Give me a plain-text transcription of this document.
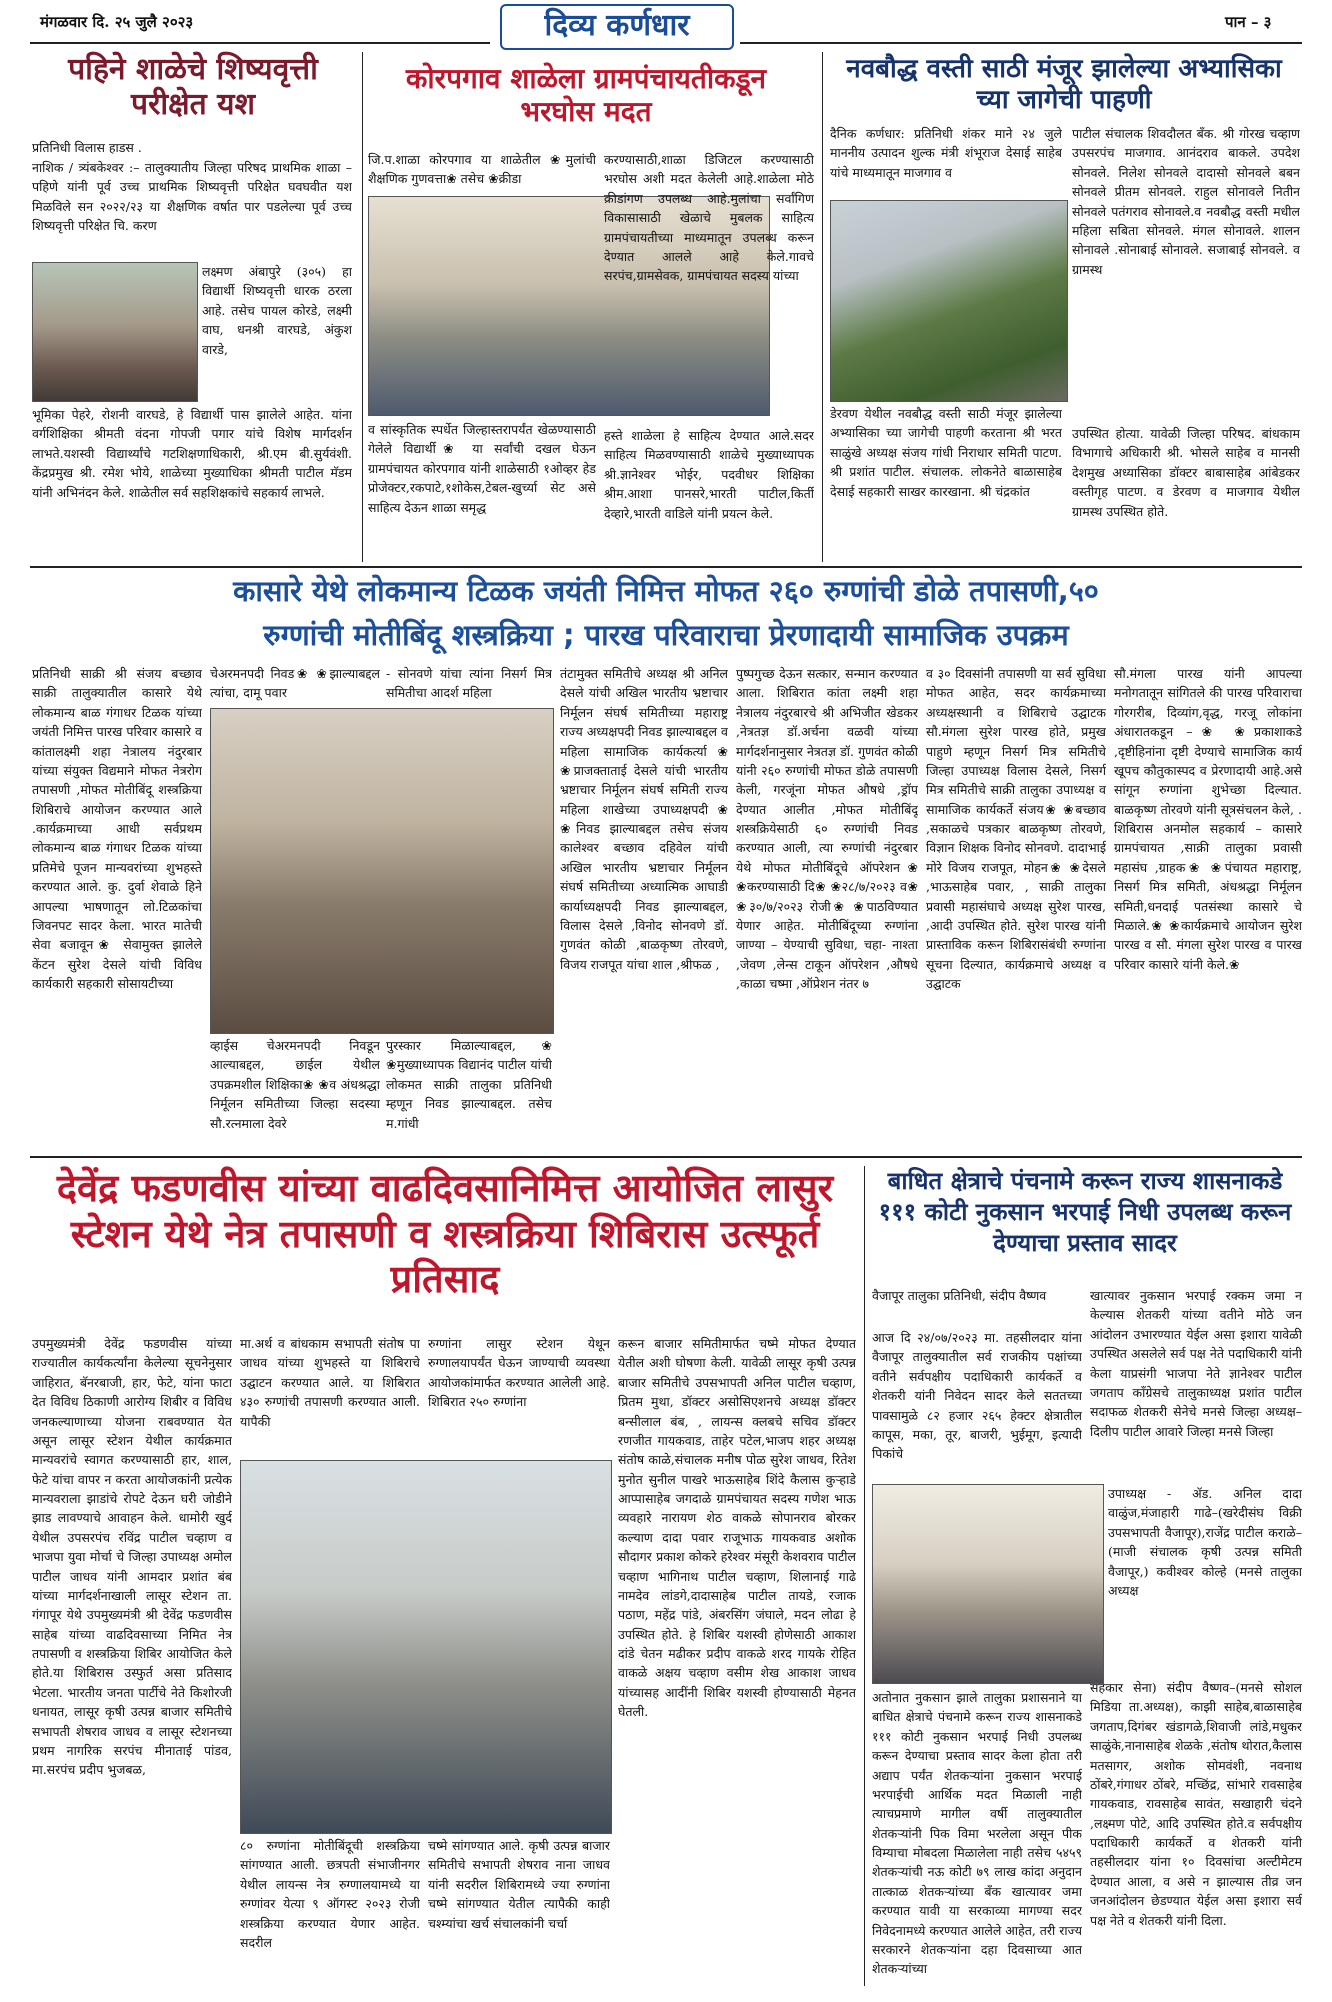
मंगळवार दि. २५ जुलै २०२३	दिव्य कर्णधार	पान – ३
पहिने शाळेचे शिष्यवृत्ती परीक्षेत यश
प्रतिनिधी विलास हाडस .
नाशिक / त्र्यंबकेश्वर :– तालुक्यातीय जिल्हा परिषद प्राथमिक शाळा – पहिणे यांनी पूर्व उच्च प्राथमिक शिष्यवृत्ती परिक्षेत घवघवीत यश मिळविले सन २०२२/२३ या शैक्षणिक वर्षात पार पडलेल्या पूर्व उच्च शिष्यवृत्ती परिक्षेत चि. करण
लक्ष्मण अंबापुरे (३०५) हा विद्यार्थी शिष्यवृत्ती धारक ठरला आहे. तसेच पायल कोरडे, लक्ष्मी वाघ, धनश्री वारघडे, अंकुश वारडे,
भूमिका पेहरे, रोशनी वारघडे, हे विद्यार्थी पास झालेले आहेत. यांना वर्गशिक्षिका श्रीमती वंदना गोपजी पगार यांचे विशेष मार्गदर्शन लाभते.यशस्वी विद्यार्थ्यांचे गटशिक्षणाधिकारी, श्री.एम बी.सुर्यवंशी. केंद्रप्रमुख श्री. रमेश भोये, शाळेच्या मुख्याधिका श्रीमती पाटील मॅडम यांनी अभिनंदन केले. शाळेतील सर्व सहशिक्षकांचे सहकार्य लाभले.
कोरपगाव शाळेला ग्रामपंचायतीकडून भरघोस मदत
जि.प.शाळा कोरपगाव या शाळेतील ❀मुलांची शैक्षणिक गुणवत्ता❀ तसेच ❀क्रीडा
करण्यासाठी,शाळा डिजिटल करण्यासाठी भरघोस अशी मदत केलेली आहे.शाळेला मोठे क्रीडांगण उपलब्ध आहे.मुलांचा सर्वांगिण विकासासाठी खेळाचे मुबलक साहित्य ग्रामपंचायतीच्या माध्यमातून उपलब्ध करून देण्यात आलले आहे केले.गावचे सरपंच,ग्रामसेवक, ग्रामपंचायत सदस्य यांच्या
व सांस्कृतिक स्पर्धेत जिल्हास्तरापर्यंत खेळण्यासाठी गेलेले विद्यार्थी❀ या सर्वांची दखल घेऊन ग्रामपंचायत कोरपगाव यांनी शाळेसाठी १ओव्हर हेड प्रोजेक्टर,रकपाटे,१शोकेस,टेबल-खुर्च्या सेट असे साहित्य देऊन शाळा समृद्ध
हस्ते शाळेला हे साहित्य देण्यात आले.सदर साहित्य मिळवण्यासाठी शाळेचे मुख्याध्यापक श्री.ज्ञानेश्वर भोईर, पदवीधर शिक्षिका श्रीम.आशा पानसरे,भारती पाटील,किर्ती देव्हारे,भारती वाडिले यांनी प्रयत्न केले.
नवबौद्ध वस्ती साठी मंजूर झालेल्या अभ्यासिका च्या जागेची पाहणी
दैनिक कर्णधार: प्रतिनिधी शंकर माने २४ जुले माननीय उत्पादन शुल्क मंत्री शंभूराज देसाई साहेब यांचे माध्यमातून माजगाव व
डेरवण येथील नवबौद्ध वस्ती साठी मंजूर झालेल्या अभ्यासिका च्या जागेची पाहणी करताना श्री भरत साळुंखे अध्यक्ष संजय गांधी निराधार समिती पाटण. श्री प्रशांत पाटील. संचालक. लोकनेते बाळासाहेब देसाई सहकारी साखर कारखाना. श्री चंद्रकांत
पाटील संचालक शिवदौलत बँक. श्री गोरख चव्हाण उपसरपंच माजगाव. आनंदराव बाकले. उपदेश सोनवले. निलेश सोनवले दादासो सोनवले बबन सोनवले प्रीतम सोनवले. राहुल सोनावले नितीन सोनवले पतंगराव सोनावले.व नवबौद्ध वस्ती मधील महिला सबिता सोनवले. मंगल सोनावले. शालन सोनावले .सोनाबाई सोनावले. सजाबाई सोनवले. व ग्रामस्थ
उपस्थित होत्या. यावेळी जिल्हा परिषद. बांधकाम विभागाचे अधिकारी श्री. भोसले साहेब व मानसी देशमुख अध्यासिका डॉक्टर बाबासाहेब आंबेडकर वस्तीगृह पाटण. व डेरवण व माजगाव येथील ग्रामस्थ उपस्थित होते.
कासारे येथे लोकमान्य टिळक जयंती निमित्त मोफत २६० रुग्णांची डोळे तपासणी,५०
रुग्णांची मोतीबिंदू शस्त्रक्रिया ; पारख परिवाराचा प्रेरणादायी सामाजिक उपक्रम
प्रतिनिधी साक्री श्री संजय बच्छाव साक्री तालुक्यातील कासारे येथे लोकमान्य बाळ गंगाधर टिळक यांच्या जयंती निमित्त पारख परिवार कासारे व कांतालक्ष्मी शहा नेत्रालय नंदुरबार यांच्या संयुक्त विद्यमाने मोफत नेत्ररोग तपासणी ,मोफत मोतीबिंदू शस्त्रक्रिया शिबिराचे आयोजन करण्यात आले .कार्यक्रमाच्या आधी सर्वप्रथम लोकमान्य बाळ गंगाधर टिळक यांच्या प्रतिमेचे पूजन मान्यवरांच्या शुभहस्ते करण्यात आले. कु. दुर्वा शेवाळे हिने आपल्या भाषणातून लो.टिळकांचा जिवनपट सादर केला. भारत मातेची सेवा बजावून❀ सेवामुक्त झालेले केंटन सुरेश देसले यांची विविध कार्यकारी सहकारी सोसायटीच्या
चेअरमनपदी निवड❀ ❀झाल्याबद्दल त्यांचा, दामू पवार
- सोनवणे यांचा त्यांना निसर्ग मित्र समितीचा आदर्श महिला
व्हाईस चेअरमनपदी निवडून आल्याबद्दल, छाईल येथील उपक्रमशील शिक्षिका❀ ❀व अंधश्रद्धा निर्मूलन समितीच्या जिल्हा सदस्या सौ.रत्नमाला देवरे
पुरस्कार मिळाल्याबद्दल,❀ ❀मुख्याध्यापक विद्यानंद पाटील यांची लोकमत साक्री तालुका प्रतिनिधी म्हणून निवड झाल्याबद्दल. तसेच म.गांधी
तंटामुक्त समितीचे अध्यक्ष श्री अनिल देसले यांची अखिल भारतीय भ्रष्टाचार निर्मूलन संघर्ष समितीच्या महाराष्ट्र राज्य अध्यक्षपदी निवड झाल्याबद्दल व महिला सामाजिक कार्यकर्त्या❀ ❀प्राजक्ताताई देसले यांची भारतीय भ्रष्टाचार निर्मूलन संघर्ष समिती राज्य महिला शाखेच्या उपाध्यक्षपदी❀ ❀निवड झाल्याबद्दल तसेच संजय कालेश्वर बच्छाव दहिवेल यांची अखिल भारतीय भ्रष्टाचार निर्मूलन संघर्ष समितीच्या अध्यात्मिक आघाडी कार्याध्यक्षपदी निवड झाल्याबद्दल, विलास देसले ,विनोद सोनवणे डॉ. गुणवंत कोळी ,बाळकृष्ण तोरवणे, विजय राजपूत यांचा शाल ,श्रीफळ ,
पुष्पगुच्छ देऊन सत्कार, सन्मान करण्यात आला. शिबिरात कांता लक्ष्मी शहा नेत्रालय नंदुरबारचे श्री अभिजीत खेडकर ,नेत्रतज्ञ डॉ.अर्चना वळवी यांच्या मार्गदर्शनानुसार नेत्रतज्ञ डॉ. गुणवंत कोळी यांनी २६० रुग्णांची मोफत डोळे तपासणी केली, गरजूंना मोफत औषधे ,ड्रॉप देण्यात आलीत ,मोफत मोतीबिंदू शस्त्रक्रियेसाठी ६० रुग्णांची निवड करण्यात आली, त्या रुग्णांची नंदुरबार येथे मोफत मोतीबिंदूचे ऑपरेशन❀ ❀करण्यासाठी दि❀ ❀२८/७/२०२३ व❀ ❀३०/७/२०२३ रोजी❀ ❀पाठविण्यात येणार आहेत. मोतीबिंदूच्या रुग्णांना जाण्या – येण्याची सुविधा, चहा- नाश्ता ,जेवण ,लेन्स टाकून ऑपरेशन ,औषधे ,काळा चष्मा ,ऑप्रेशन नंतर ७
व ३० दिवसांनी तपासणी या सर्व सुविधा मोफत आहेत, सदर कार्यक्रमाच्या अध्यक्षस्थानी व शिबिराचे उद्घाटक सौ.मंगला सुरेश पारख होते, प्रमुख पाहुणे म्हणून निसर्ग मित्र समितीचे जिल्हा उपाध्यक्ष विलास देसले, निसर्ग मित्र समितीचे साक्री तालुका उपाध्यक्ष व सामाजिक कार्यकर्ते संजय❀ ❀बच्छाव ,सकाळचे पत्रकार बाळकृष्ण तोरवणे, विज्ञान शिक्षक विनोद सोनवणे. दादाभाई मोरे विजय राजपूत, मोहन❀ ❀देसले ,भाऊसाहेब पवार, , साक्री तालुका प्रवासी महासंघाचे अध्यक्ष सुरेश पारख, ,आदी उपस्थित होते. सुरेश पारख यांनी प्रास्ताविक करून शिबिरासंबंधी रुग्णांना सूचना दिल्यात, कार्यक्रमाचे अध्यक्ष व उद्घाटक
सौ.मंगला पारख यांनी आपल्या मनोगतातून सांगितले की पारख परिवाराचा गोरगरीब, दिव्यांग,वृद्ध, गरजू लोकांना अंधारातकडून –❀ ❀प्रकाशाकडे ,दृष्टीहिनांना दृष्टी देण्याचे सामाजिक कार्य खूपच कौतुकास्पद व प्रेरणादायी आहे.असे सांगून रुग्णांना शुभेच्छा दिल्यात. बाळकृष्ण तोरवणे यांनी सूत्रसंचलन केले, . शिबिरास अनमोल सहकार्य – कासारे ग्रामपंचायत ,साक्री तालुका प्रवासी महासंघ ,ग्राहक❀ ❀पंचायत महाराष्ट्र, निसर्ग मित्र समिती, अंधश्रद्धा निर्मूलन समिती,धनदाई पतसंस्था कासारे चे मिळाले.❀ ❀कार्यक्रमाचे आयोजन सुरेश पारख व सौ. मंगला सुरेश पारख व पारख परिवार कासारे यांनी केले.❀
देवेंद्र फडणवीस यांच्या वाढदिवसानिमित्त आयोजित लासुर स्टेशन येथे नेत्र तपासणी व शस्त्रक्रिया शिबिरास उत्स्फूर्त प्रतिसाद
उपमुख्यमंत्री देवेंद्र फडणवीस यांच्या राज्यातील कार्यकर्त्यांना केलेल्या सूचनेनुसार जाहिरात, बॅनरबाजी, हार, फेटे, यांना फाटा देत विविध ठिकाणी आरोग्य शिबीर व विविध जनकल्याणाच्या योजना राबवण्यात येत असून लासूर स्टेशन येथील कार्यक्रमात मान्यवरांचे स्वागत करण्यासाठी हार, शाल, फेटे यांचा वापर न करता आयोजकांनी प्रत्येक मान्यवराला झाडांचे रोपटे देऊन घरी जोडीने झाड लावण्याचे आवाहन केले. धामोरी खुर्द येथील उपसरपंच रविंद्र पाटील चव्हाण व भाजपा युवा मोर्चा चे जिल्हा उपाध्यक्ष अमोल पाटील जाधव यांनी आमदार प्रशांत बंब यांच्या मार्गदर्शनाखाली लासूर स्टेशन ता. गंगापूर येथे उपमुख्यमंत्री श्री देवेंद्र फडणवीस साहेब यांच्या वाढदिवसाच्या निमित नेत्र तपासणी व शस्त्रक्रिया शिबिर आयोजित केले होते.या शिबिरास उस्फुर्त असा प्रतिसाद भेटला. भारतीय जनता पार्टीचे नेते किशोरजी धनायत, लासूर कृषी उत्पन्न बाजार समितीचे सभापती शेषराव जाधव व लासूर स्टेशनच्या प्रथम नागरिक सरपंच मीनाताई पांडव, मा.सरपंच प्रदीप भुजबळ,
मा.अर्थ व बांधकाम सभापती संतोष पा जाधव यांच्या शुभहस्ते या शिबिराचे उद्घाटन करण्यात आले. या शिबिरात ४३० रुग्णांची तपासणी करण्यात आली. यापैकी
रुग्णांना लासुर स्टेशन येथून रुग्णालयापर्यंत घेऊन जाण्याची व्यवस्था आयोजकांमार्फत करण्यात आलेली आहे. शिबिरात २५० रुग्णांना
८० रुग्णांना मोतीबिंदूची शस्त्रक्रिया सांगण्यात आली. छत्रपती संभाजीनगर येथील लायन्स नेत्र रुग्णालयामध्ये या रुग्णांवर येत्या ९ ऑगस्ट २०२३ रोजी शस्त्रक्रिया करण्यात येणार आहेत. सदरील
चष्मे सांगण्यात आले. कृषी उत्पन्न बाजार समितीचे सभापती शेषराव नाना जाधव यांनी सदरील शिबिरामध्ये ज्या रुग्णांना चष्मे सांगण्यात येतील त्यापैकी काही चश्म्यांचा खर्च संचालकांनी चर्चा
करून बाजार समितीमार्फत चष्मे मोफत देण्यात येतील अशी घोषणा केली. यावेळी लासूर कृषी उत्पन्न बाजार समितीचे उपसभापती अनिल पाटील चव्हाण, प्रितम मुथा, डॉक्टर असोसिएशनचे अध्यक्ष डॉक्टर बन्सीलाल बंब, , लायन्स क्लबचे सचिव डॉक्टर रणजीत गायकवाड, ताहेर पटेल,भाजप शहर अध्यक्ष संतोष काळे,संचालक मनीष पोळ सुरेश जाधव, रितेश मुनोत सुनील पाखरे भाऊसाहेब शिंदे कैलास कुऱ्हाडे आप्पासाहेब जगदाळे ग्रामपंचायत सदस्य गणेश भाऊ व्यवहारे नारायण शेठ वाकळे सोपानराव बोरकर कल्याण दादा पवार राजूभाऊ गायकवाड अशोक सौदागर प्रकाश कोकरे हरेश्वर मंसूरी केशवराव पाटील चव्हाण भागिनाथ पाटील चव्हाण, शिलानाई गाढे नामदेव लांडगे,दादासाहेब पाटील तायडे, रजाक पठाण, महेंद्र पांडे, अंबरसिंग जंघाले, मदन लोढा हे उपस्थित होते. हे शिबिर यशस्वी होणेसाठी आकाश दांडे चेतन मढीकर प्रदीप वाकळे शरद गायके रोहित वाकळे अक्षय चव्हाण वसीम शेख आकाश जाधव यांच्यासह आदींनी शिबिर यशस्वी होण्यासाठी मेहनत घेतली.
बाधित क्षेत्राचे पंचनामे करून राज्य शासनाकडे १११ कोटी नुकसान भरपाई निधी उपलब्ध करून देण्याचा प्रस्ताव सादर
वैजापूर तालुका प्रतिनिधी, संदीप वैष्णव
आज दि २४/०७/२०२३ मा. तहसीलदार यांना वैजापूर तालुक्यातील सर्व राजकीय पक्षांच्या वतीने सर्वपक्षीय पदाधिकारी कार्यकर्ते व शेतकरी यांनी निवेदन सादर केले सततच्या पावसामुळे ८२ हजार २६५ हेक्टर क्षेत्रातील कापूस, मका, तूर, बाजरी, भुईमूग, इत्यादी पिकांचे
खात्यावर नुकसान भरपाई रक्कम जमा न केल्यास शेतकरी यांच्या वतीने मोठे जन आंदोलन उभारण्यात येईल असा इशारा यावेळी उपस्थित असलेले सर्व पक्ष नेते पदाधिकारी यांनी केला याप्रसंगी भाजपा नेते ज्ञानेश्वर पाटील जगताप कॉंग्रेसचे तालुकाध्यक्ष प्रशांत पाटील सदाफळ शेतकरी सेनेचे मनसे जिल्हा अध्यक्ष– दिलीप पाटील आवारे जिल्हा मनसे जिल्हा
उपाध्यक्ष - ॲड. अनिल दादा वाळुंज,मंजाहारी गाढे–(खरेदीसंघ विक्री उपसभापती वैजापूर),राजेंद्र पाटील कराळे– (माजी संचालक कृषी उत्पन्न समिती वैजापूर,) कवीश्वर कोल्हे (मनसे तालुका अध्यक्ष
अतोनात नुकसान झाले तालुका प्रशासनाने या बाधित क्षेत्राचे पंचनामे करून राज्य शासनाकडे १११ कोटी नुकसान भरपाई निधी उपलब्ध करून देण्याचा प्रस्ताव सादर केला होता तरी अद्याप पर्यंत शेतकऱ्यांना नुकसान भरपाई भरपाईची आर्थिक मदत मिळाली नाही त्याचप्रमाणे मागील वर्षी तालुक्यातील शेतकऱ्यांनी पिक विमा भरलेला असून पीक विम्याचा मोबदला मिळालेला नाही तसेच ५४५९ शेतकऱ्यांची नऊ कोटी ७९ लाख कांदा अनुदान तात्काळ शेतकऱ्यांच्या बँक खात्यावर जमा करण्यात यावी या सरकाव्या मागण्या सदर निवेदनामध्ये करण्यात आलेले आहेत, तरी राज्य सरकारने शेतकऱ्यांना दहा दिवसाच्या आत शेतकऱ्यांच्या
सहकार सेना) संदीप वैष्णव–(मनसे सोशल मिडिया ता.अध्यक्ष), काझी साहेब,बाळासाहेब जगताप,दिगंबर खंडागळे,शिवाजी लांडे,मधुकर साळुंके,नानासाहेब शेळके ,संतोष थोरात,कैलास मतसागर, अशोक सोमवंशी, नवनाथ ठोंबरे,गंगाधर ठोंबरे, मच्छिंद्र, सांभारे रावसाहेब गायकवाड, रावसाहेब सावंत, सखाहारी चंदने ,लक्ष्मण पोटे, आदि उपस्थित होते.व सर्वपक्षीय पदाधिकारी कार्यकर्ते व शेतकरी यांनी तहसीलदार यांना १० दिवसांचा अल्टीमेटम देण्यात आला, व असे न झाल्यास तीव्र जन जनआंदोलन छेडण्यात येईल असा इशारा सर्व पक्ष नेते व शेतकरी यांनी दिला.
